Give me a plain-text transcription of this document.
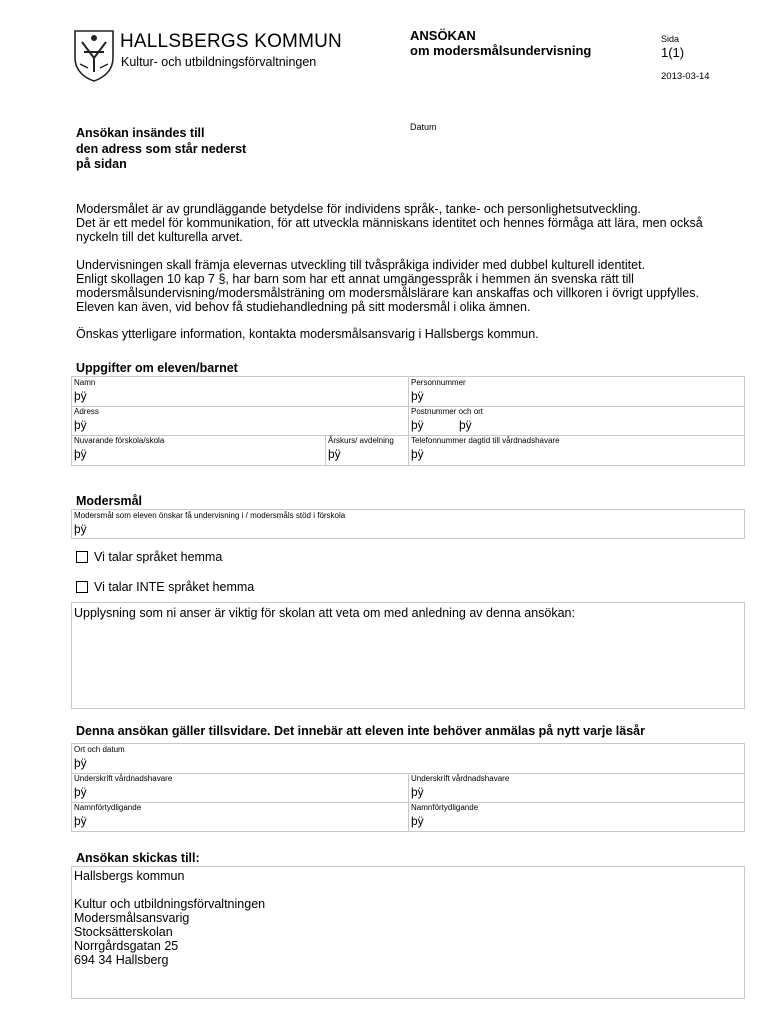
HALLSBERGS KOMMUN
Kultur- och utbildningsförvaltningen
ANSÖKAN
om modersmålsundervisning
Sida
1(1)
2013-03-14
Datum
Ansökan insändes till
den adress som står nederst
på sidan

Modersmålet är av grundläggande betydelse för individens språk-, tanke- och personlighetsutveckling.
Det är ett medel för kommunikation, för att utveckla människans identitet och hennes förmåga att lära, men också
nyckeln till det kulturella arvet.

Undervisningen skall främja elevernas utveckling till tvåspråkiga individer med dubbel kulturell identitet.
Enligt skollagen 10 kap 7 §, har barn som har ett annat umgängesspråk i hemmen än svenska rätt till
modersmålsundervisning/modersmålsträning om modersmålslärare kan anskaffas och villkoren i övrigt uppfylles.
Eleven kan även, vid behov få studiehandledning på sitt modersmål i olika ämnen.

Önskas ytterligare information, kontakta modersmålsansvarig i Hallsbergs kommun.

Uppgifter om eleven/barnet
Namn
þÿ
Personnummer
þÿ
Adress
þÿ
Postnummer och ort
þÿ	þÿ
Nuvarande förskola/skola
þÿ
Årskurs/ avdelning
þÿ
Telefonnummer dagtid till vårdnadshavare
þÿ
Modersmål
Modersmål som eleven önskar få undervisning i / modersmåls stöd i förskola
þÿ
Vi talar språket hemma
Vi talar INTE språket hemma
Upplysning som ni anser är viktig för skolan att veta om med anledning av denna ansökan:
Denna ansökan gäller tillsvidare. Det innebär att eleven inte behöver anmälas på nytt varje läsår
Ort och datum
þÿ
Underskrift vårdnadshavare
þÿ
Underskrift vårdnadshavare
þÿ
Namnförtydligande
þÿ
Namnförtydligande
þÿ
Ansökan skickas till:
Hallsbergs kommun
Kultur och utbildningsförvaltningen
Modersmålsansvarig
Stocksätterskolan
Norrgårdsgatan 25
694 34 Hallsberg
